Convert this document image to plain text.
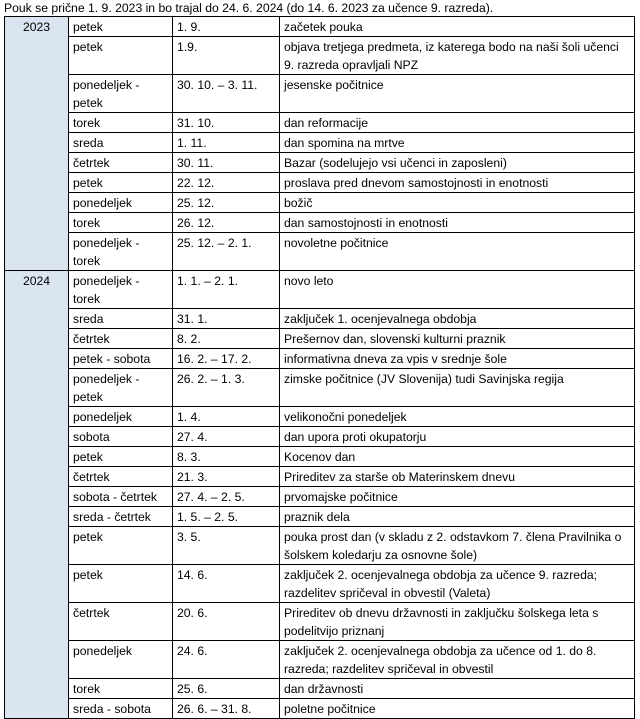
Pouk se prične 1. 9. 2023 in bo trajal do 24. 6. 2024 (do 14. 6. 2023 za učence 9. razreda).
2023	petek	1. 9.	začetek pouka
	petek	1.9.	objava tretjega predmeta, iz katerega bodo na naši šoli učenci 9. razreda opravljali NPZ
	ponedeljek - petek	30. 10. – 3. 11.	jesenske počitnice
	torek	31. 10.	dan reformacije
	sreda	1. 11.	dan spomina na mrtve
	četrtek	30. 11.	Bazar (sodelujejo vsi učenci in zaposleni)
	petek	22. 12.	proslava pred dnevom samostojnosti in enotnosti
	ponedeljek	25. 12.	božič
	torek	26. 12.	dan samostojnosti in enotnosti
	ponedeljek - torek	25. 12. – 2. 1.	novoletne počitnice
2024	ponedeljek - torek	1. 1. – 2. 1.	novo leto
	sreda	31. 1.	zaključek 1. ocenjevalnega obdobja
	četrtek	8. 2.	Prešernov dan, slovenski kulturni praznik
	petek - sobota	16. 2. – 17. 2.	informativna dneva za vpis v srednje šole
	ponedeljek - petek	26. 2. – 1. 3.	zimske počitnice (JV Slovenija) tudi Savinjska regija
	ponedeljek	1. 4.	velikonočni ponedeljek
	sobota	27. 4.	dan upora proti okupatorju
	petek	8. 3.	Kocenov dan
	četrtek	21. 3.	Prireditev za starše ob Materinskem dnevu
	sobota - četrtek	27. 4. – 2. 5.	prvomajske počitnice
	sreda - četrtek	1. 5. – 2. 5.	praznik dela
	petek	3. 5.	pouka prost dan (v skladu z 2. odstavkom 7. člena Pravilnika o šolskem koledarju za osnovne šole)
	petek	14. 6.	zaključek 2. ocenjevalnega obdobja za učence 9. razreda; razdelitev spričeval in obvestil (Valeta)
	četrtek	20. 6.	Prireditev ob dnevu državnosti in zaključku šolskega leta s podelitvijo priznanj
	ponedeljek	24. 6.	zaključek 2. ocenjevalnega obdobja za učence od 1. do 8. razreda; razdelitev spričeval in obvestil
	torek	25. 6.	dan državnosti
	sreda - sobota	26. 6. – 31. 8.	poletne počitnice
